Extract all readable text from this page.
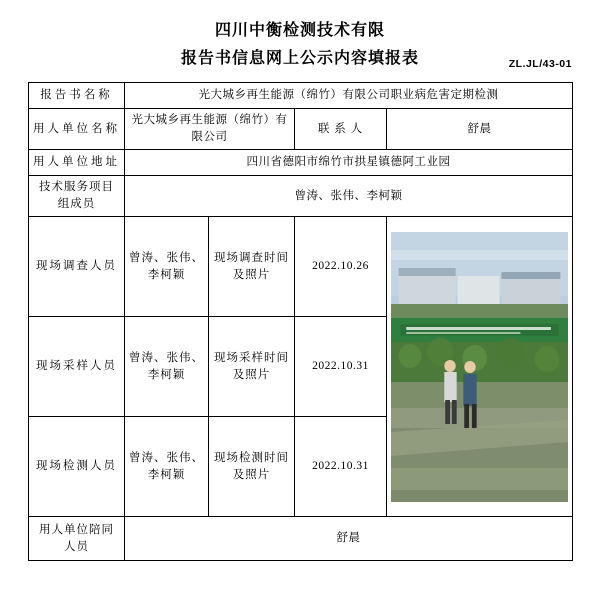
四川中衡检测技术有限
报告书信息网上公示内容填报表	ZL.JL/43-01
报告书名称	光大城乡再生能源（绵竹）有限公司职业病危害定期检测			
用人单位名称	光大城乡再生能源（绵竹）有限公司		联 系 人	舒晨
用人单位地址	四川省德阳市绵竹市拱星镇德阿工业园			
技术服务项目组成员	曾涛、张伟、李柯颖			
现场调查人员	曾涛、张伟、李柯颖	现场调查时间及照片	2022.10.26	

现场采样人员	曾涛、张伟、李柯颖	现场采样时间及照片	2022.10.31	
现场检测人员	曾涛、张伟、李柯颖	现场检测时间及照片	2022.10.31	
用人单位陪同人员	舒晨			
